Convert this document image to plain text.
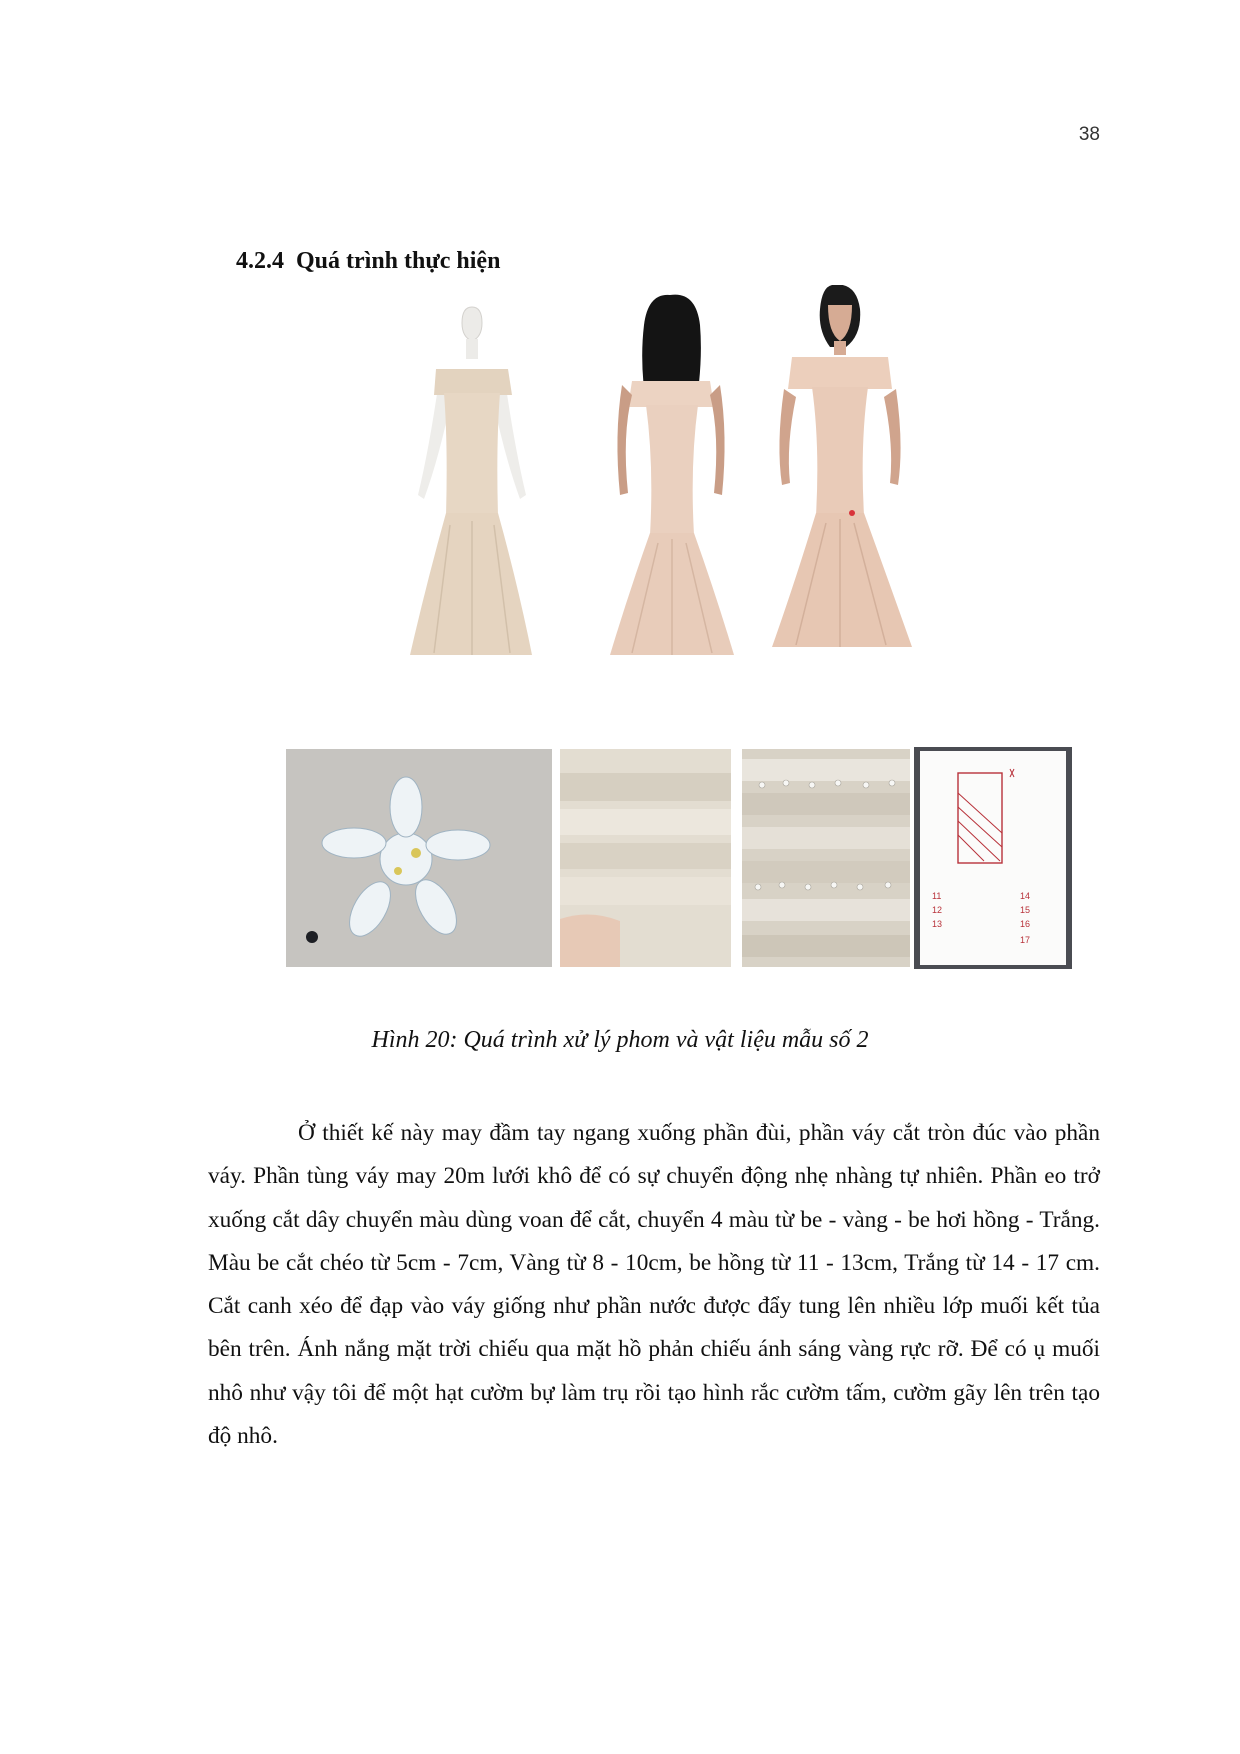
38
4.2.4 Quá trình thực hiện
11
12
13
14
15
16
17
Hình 20: Quá trình xử lý phom và vật liệu mẫu số 2

Ở thiết kế này may đầm tay ngang xuống phần đùi, phần váy cắt tròn đúc vào phần váy. Phần tùng váy may 20m lưới khô để có sự chuyển động nhẹ nhàng tự nhiên. Phần eo trở xuống cắt dây chuyển màu dùng voan để cắt, chuyển 4 màu từ be - vàng - be hơi hồng - Trắng. Màu be cắt chéo từ 5cm - 7cm, Vàng từ 8 - 10cm, be hồng từ 11 - 13cm, Trắng từ 14 - 17 cm. Cắt canh xéo để đạp vào váy giống như phần nước được đẩy tung lên nhiều lớp muối kết tủa bên trên. Ánh nắng mặt trời chiếu qua mặt hồ phản chiếu ánh sáng vàng rực rỡ. Để có ụ muối nhô như vậy tôi để một hạt cườm bự làm trụ rồi tạo hình rắc cườm tấm, cườm gãy lên trên tạo độ nhô.
